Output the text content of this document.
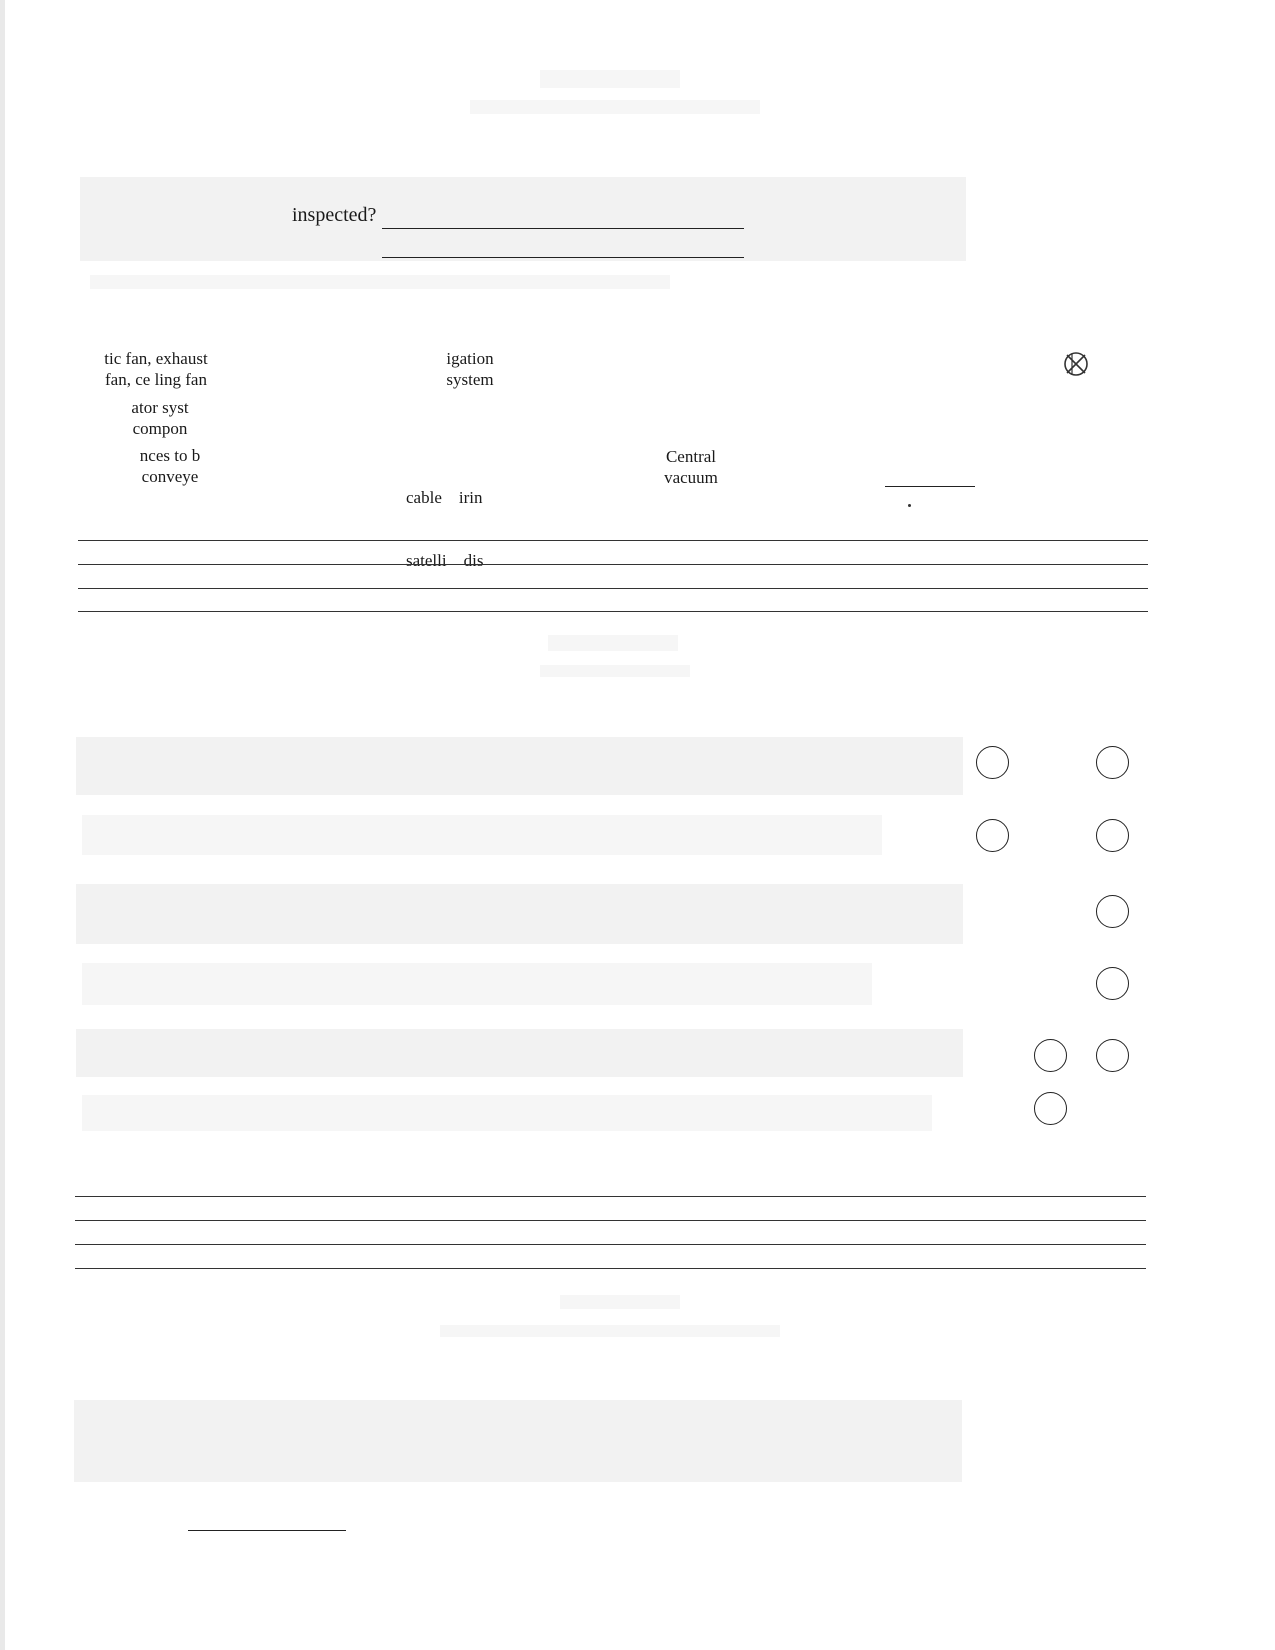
inspected?
tic fan, exhaust
fan, ce ling fan
igation
system
ator syst
compon
nces to b
conveye

cable    irin

satelli    dis

Central
vacuum
